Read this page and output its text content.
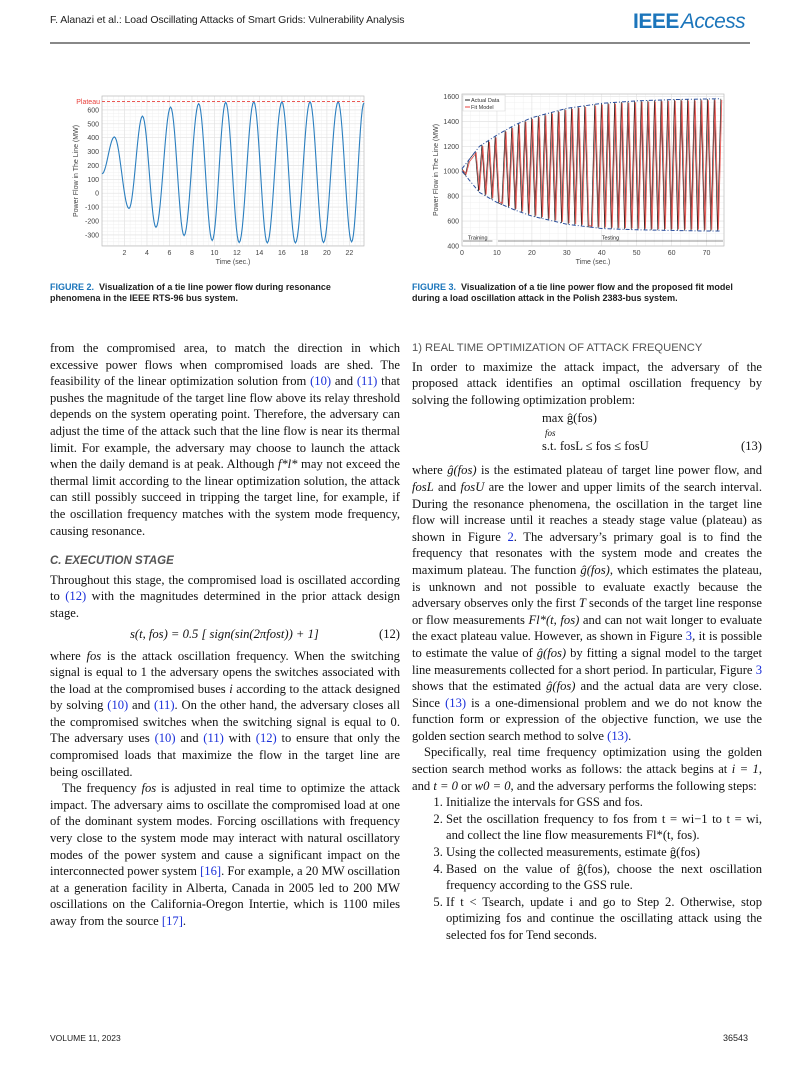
F. Alanazi et al.: Load Oscillating Attacks of Smart Grids: Vulnerability Analysis	IEEEAccess
2	4	6	8 10 12 14 16 18 20 22
-300
-200
-100
0
100
200
300
400
500
600
Time (sec.)
Power Flow in The Line (MW)
Plateau
FIGURE 2. Visualization of a tie line power flow during resonance phenomena in the IEEE RTS-96 bus system.
0	10	20	30	40	50	60	70
400
600
800
1000
1200
1400
1600
Time (sec.)
Power Flow in The Line (MW)
Actual Data
Fit Model
Training	Testing
FIGURE 3. Visualization of a tie line power flow and the proposed fit model during a load oscillation attack in the Polish 2383-bus system.

from the compromised area, to match the direction in which excessive power flows when compromised loads are shed. The feasibility of the linear optimization solution from (10) and (11) that pushes the magnitude of the target line flow above its relay threshold depends on the system operating point. Therefore, the adversary can adjust the time of the attack such that the line flow is near its thermal limit. For example, the adversary may choose to launch the attack when the daily demand is at peak. Although f*l* may not exceed the thermal limit according to the linear optimization solution, the attack can still possibly succeed in tripping the target line, for example, if the oscillation frequency matches with the system mode frequency, causing resonance.

C. EXECUTION STAGE

Throughout this stage, the compromised load is oscillated according to (12) with the magnitudes determined in the prior attack design stage.

s(t, fos) = 0.5 [ sign(sin(2πfost)) + 1]	(12)

where fos is the attack oscillation frequency. When the switching signal is equal to 1 the adversary opens the switches associated with the load at the compromised buses i according to the attack designed by solving (10) and (11). On the other hand, the adversary closes all the compromised switches when the switching signal is equal to 0. The adversary uses (10) and (11) with (12) to ensure that only the compromised loads that maximize the flow in the target line are being oscillated.

The frequency fos is adjusted in real time to optimize the attack impact. The adversary aims to oscillate the compromised load at one of the dominant system modes. Forcing oscillations with frequency very close to the system mode may interact with natural oscillatory modes of the power system and cause a significant impact on the interconnected power system [16]. For example, a 20 MW oscillation at a generation facility in Alberta, Canada in 2005 led to 200 MW oscillations on the California-Oregon Intertie, which is 1100 miles away from the source [17].

1) REAL TIME OPTIMIZATION OF ATTACK FREQUENCY

In order to maximize the attack impact, the adversary of the proposed attack identifies an optimal oscillation frequency by solving the following optimization problem:

max ĝ(fos)
fos
s.t. fosL ≤ fos ≤ fosU	(13)

where ĝ(fos) is the estimated plateau of target line power flow, and fosL and fosU are the lower and upper limits of the search interval. During the resonance phenomena, the oscillation in the target line flow will increase until it reaches a steady stage value (plateau) as shown in Figure 2. The adversary’s primary goal is to find the frequency that resonates with the system mode and creates the maximum plateau. The function ĝ(fos), which estimates the plateau, is unknown and not possible to evaluate exactly because the adversary observes only the first T seconds of the target line response or flow measurements Fl*(t, fos) and can not wait longer to evaluate the exact plateau value. However, as shown in Figure 3, it is possible to estimate the value of ĝ(fos) by fitting a signal model to the target line measurements collected for a short period. In particular, Figure 3 shows that the estimated ĝ(fos) and the actual data are very close. Since (13) is a one-dimensional problem and we do not know the function form or expression of the objective function, we use the golden section search method to solve (13).

Specifically, real time frequency optimization using the golden section search method works as follows: the attack begins at i = 1, and t = 0 or w0 = 0, and the adversary performs the following steps:

1. Initialize the intervals for GSS and fos.
2. Set the oscillation frequency to fos from t = wi−1 to t = wi, and collect the line flow measurements Fl*(t, fos).
3. Using the collected measurements, estimate ĝ(fos)
4. Based on the value of ĝ(fos), choose the next oscillation frequency according to the GSS rule.
5. If t < Tsearch, update i and go to Step 2. Otherwise, stop optimizing fos and continue the oscillating attack using the selected fos for Tend seconds.
VOLUME 11, 2023	36543
